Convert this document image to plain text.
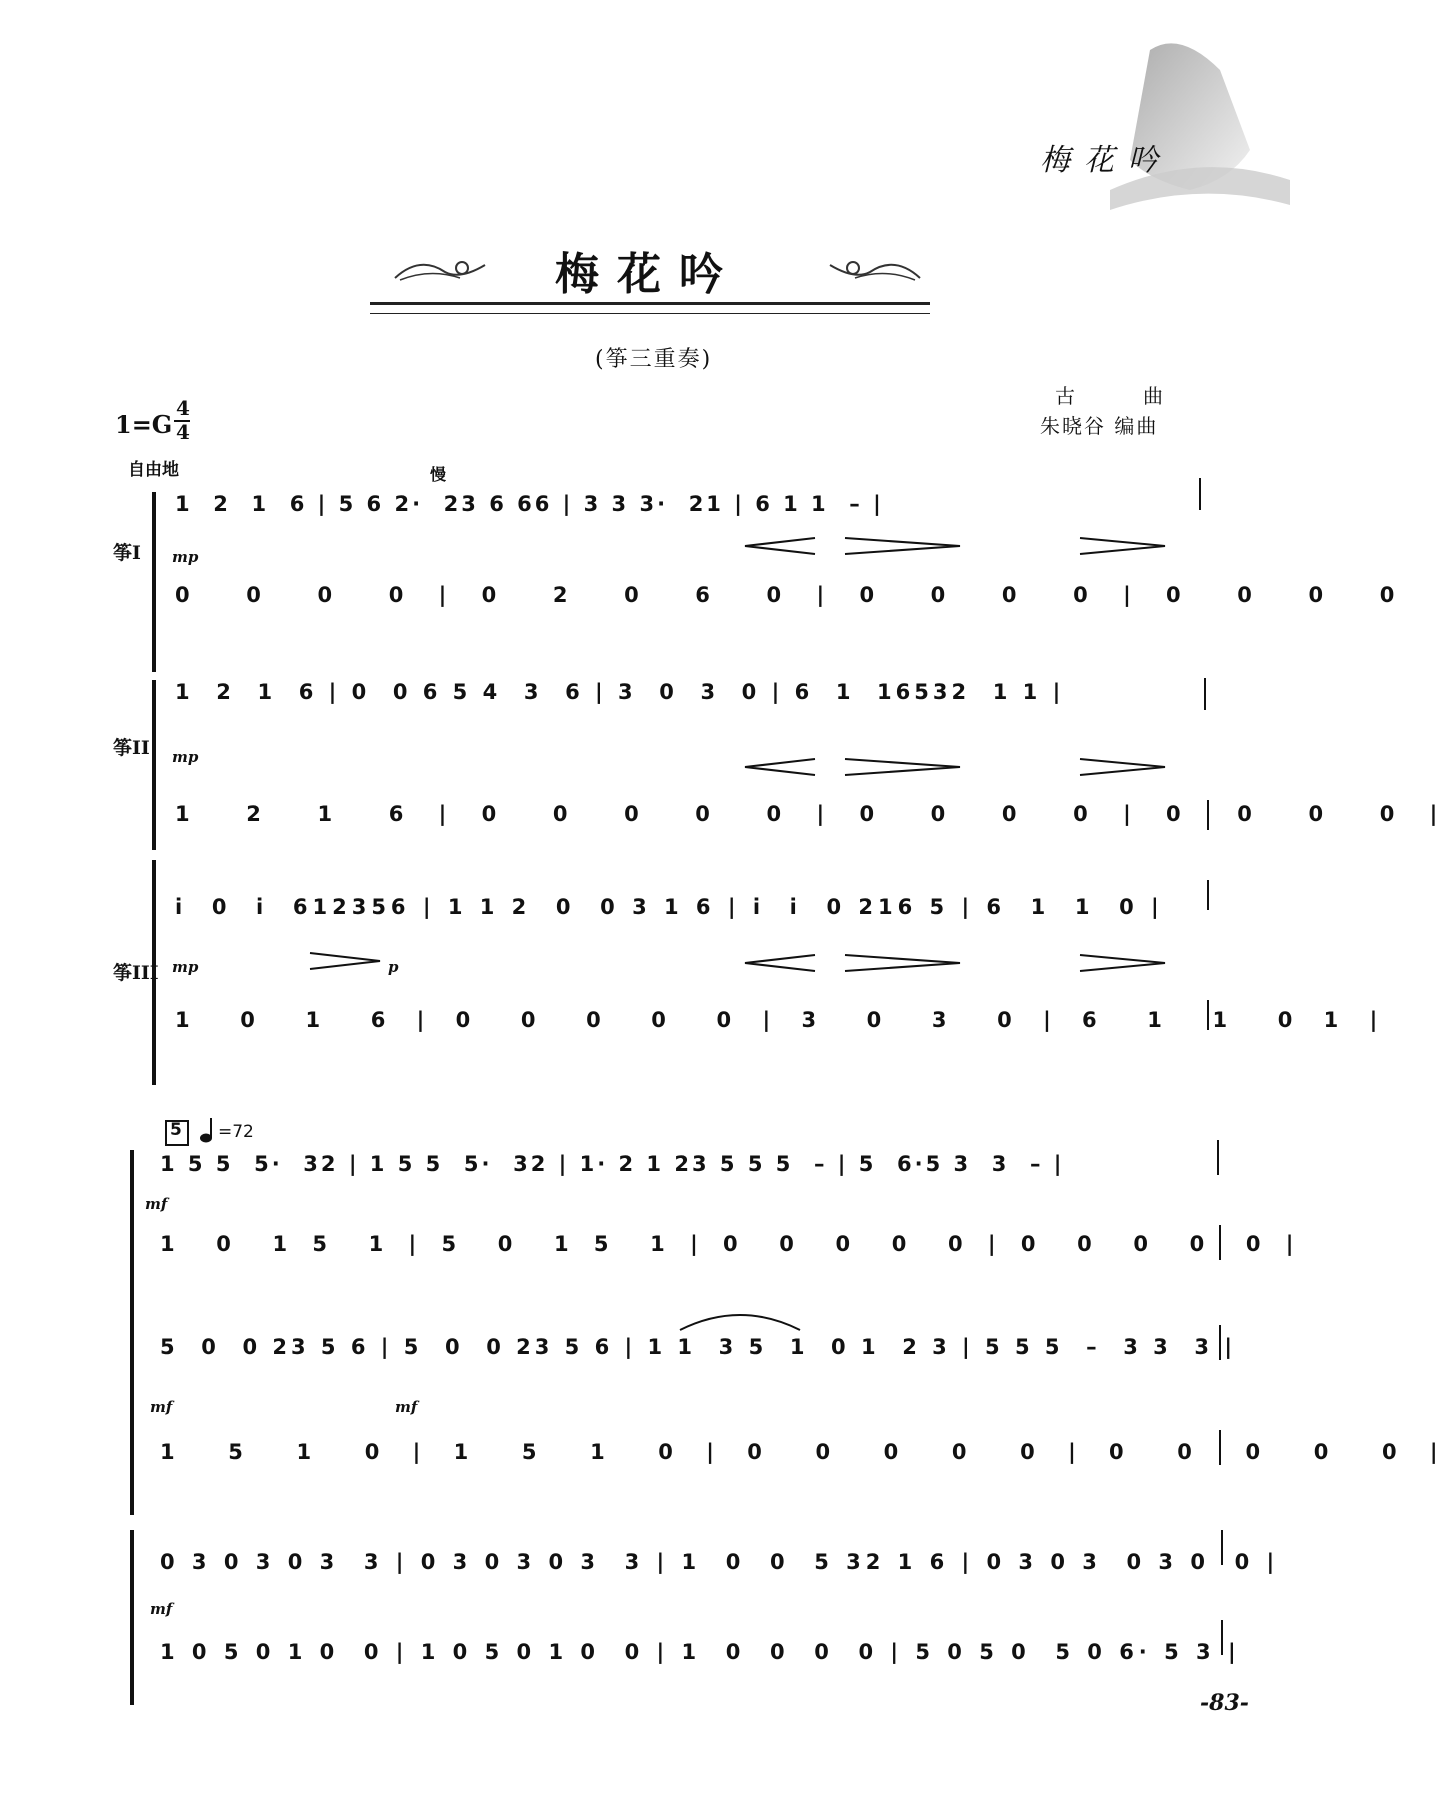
梅花吟
梅花吟
(筝三重奏)
古　　　曲
朱晓谷 编曲
1=G
4
4
自由地	慢
筝I
筝II
筝III
mp
mp
mp	p
1  2  1  6 | 5 6 2·  23 6 66 | 3 3 3·  21 | 6 1 1  – |
0  0  0  0 | 0  2  0  6  0 | 0  0  0  0 | 0  0  0  0
1  2  1  6 | 0  0 6 5 4  3  6 | 3  0  3  0 | 6  1  16532  1 1 |
1  2  1  6 | 0  0  0  0  0 | 0  0  0  0 | 0  0  0  0 |
i  0  i  612356 | 1 1 2  0  0 3 1 6 | i  i  0 216 5 | 6  1  1  0 |
1  0  1  6 | 0  0  0  0  0 | 3  0  3  0 | 6  1  1  0 1 |
5 =72
mf
mf	mf
mf
1 5 5  5·  32 | 1 5 5  5·  32 | 1· 2 1 23 5 5 5  – | 5  6·5 3  3  – |
1  0  1 5  1 | 5  0  1 5  1 | 0  0  0  0  0 | 0  0  0  0  0 |
5  0  0 23 5 6 | 5  0  0 23 5 6 | 1 1  3 5  1  0 1  2 3 | 5 5 5  –  3 3  3 |
1  5  1  0 | 1  5  1  0 | 0  0  0  0  0 | 0  0  0  0  0 |
0 3 0 3 0 3  3 | 0 3 0 3 0 3  3 | 1  0  0  5 32 1 6 | 0 3 0 3  0 3 0  0 |
1 0 5 0 1 0  0 | 1 0 5 0 1 0  0 | 1  0  0  0  0 | 5 0 5 0  5 0 6· 5 3 |
-83-
